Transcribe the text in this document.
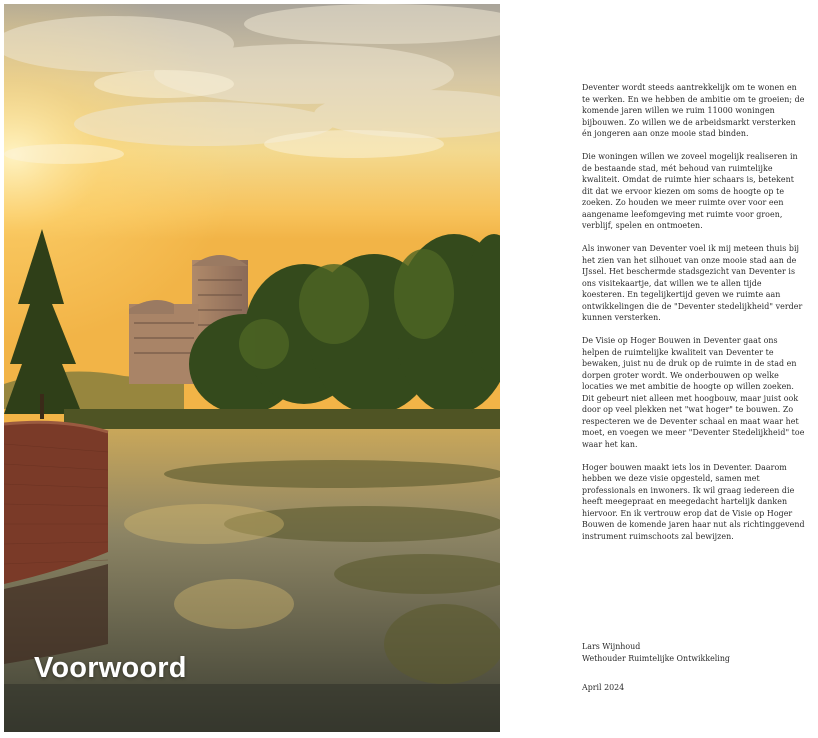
Voorwoord

Deventer wordt steeds aantrekkelijk om te wonen en te werken. En we hebben de ambitie om te groeien; de komende jaren willen we ruim 11000 woningen bijbouwen. Zo willen we de arbeidsmarkt versterken én jongeren aan onze mooie stad binden.

Die woningen willen we zoveel mogelijk realiseren in de bestaande stad, mét behoud van ruimtelijke kwaliteit. Omdat de ruimte hier schaars is, betekent dit dat we ervoor kiezen om soms de hoogte op te zoeken. Zo houden we meer ruimte over voor een aangename leefomgeving met ruimte voor groen, verblijf, spelen en ontmoeten.

Als inwoner van Deventer voel ik mij meteen thuis bij het zien van het silhouet van onze mooie stad aan de IJssel. Het beschermde stadsgezicht van Deventer is ons visitekaartje, dat willen we te allen tijde koesteren. En tegelijkertijd geven we ruimte aan ontwikkelingen die de "Deventer stedelijkheid" verder kunnen versterken.

De Visie op Hoger Bouwen in Deventer gaat ons helpen de ruimtelijke kwaliteit van Deventer te bewaken, juist nu de druk op de ruimte in de stad en dorpen groter wordt. We onderbouwen op welke locaties we met ambitie de hoogte op willen zoeken. Dit gebeurt niet alleen met hoogbouw, maar juist ook door op veel plekken net "wat hoger" te bouwen. Zo respecteren we de Deventer schaal en maat waar het moet, en voegen we meer "Deventer Stedelijkheid" toe waar het kan.

Hoger bouwen maakt iets los in Deventer. Daarom hebben we deze visie opgesteld, samen met professionals en inwoners. Ik wil graag iedereen die heeft meegepraat en meegedacht hartelijk danken hiervoor. En ik vertrouw erop dat de Visie op Hoger Bouwen de komende jaren haar nut als richtinggevend instrument ruimschoots zal bewijzen.

Lars Wijnhoud

Wethouder Ruimtelijke Ontwikkeling

April 2024
